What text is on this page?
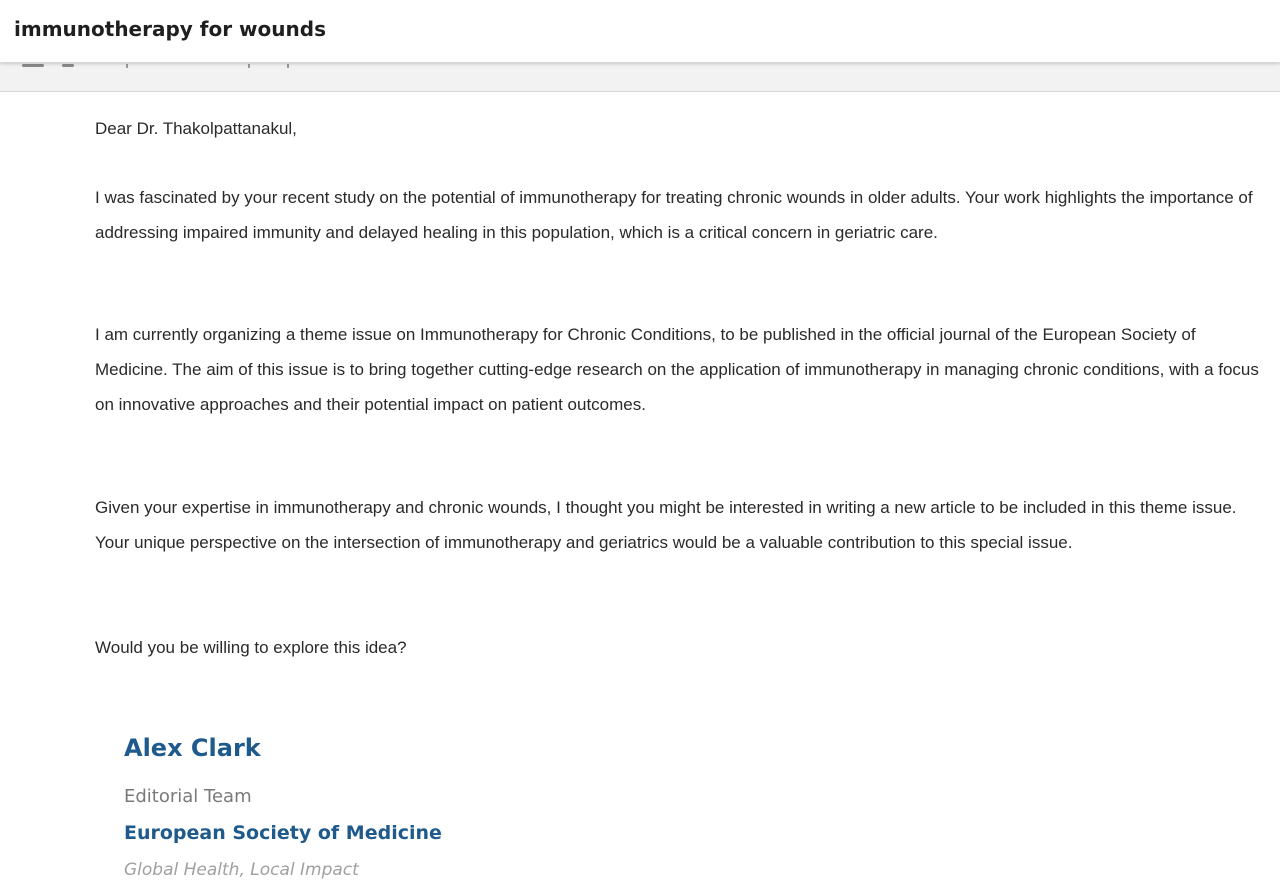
immunotherapy for wounds

Dear Dr. Thakolpattanakul,

I was fascinated by your recent study on the potential of immunotherapy for treating chronic wounds in older adults. Your work highlights the importance of addressing impaired immunity and delayed healing in this population, which is a critical concern in geriatric care.

I am currently organizing a theme issue on Immunotherapy for Chronic Conditions, to be published in the official journal of the European Society of Medicine. The aim of this issue is to bring together cutting-edge research on the application of immunotherapy in managing chronic conditions, with a focus on innovative approaches and their potential impact on patient outcomes.

Given your expertise in immunotherapy and chronic wounds, I thought you might be interested in writing a new article to be included in this theme issue. Your unique perspective on the intersection of immunotherapy and geriatrics would be a valuable contribution to this special issue.

Would you be willing to explore this idea?

Alex Clark
Editorial Team
European Society of Medicine
Global Health, Local Impact
